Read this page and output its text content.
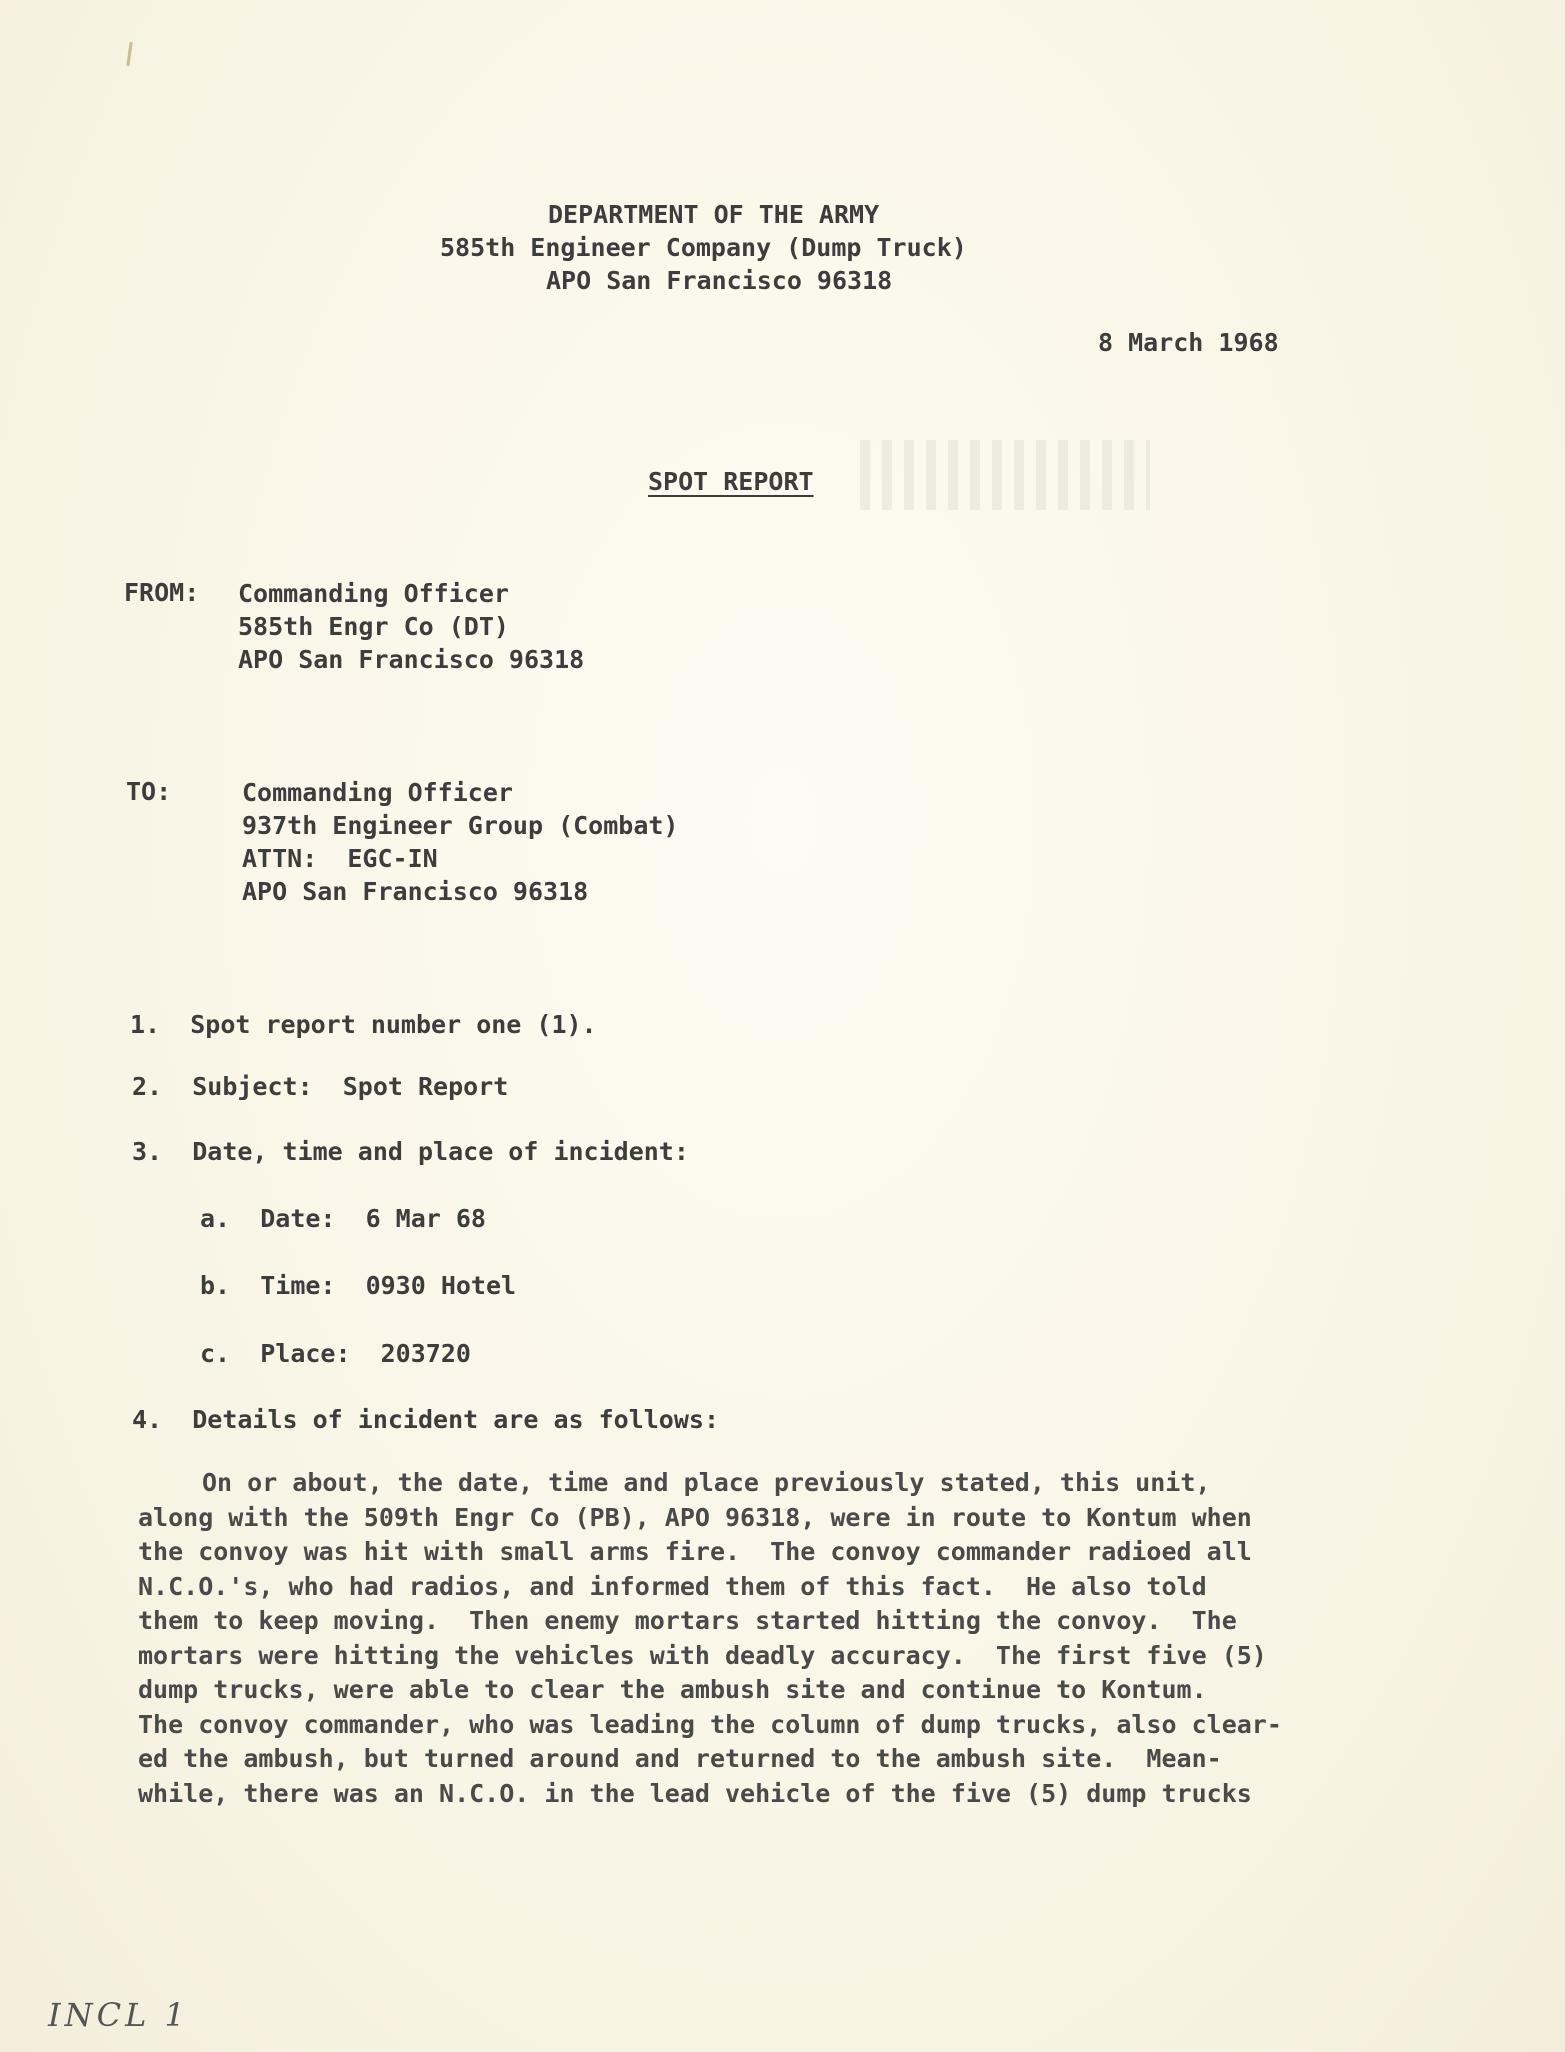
DEPARTMENT OF THE ARMY
585th Engineer Company (Dump Truck)
APO San Francisco 96318
8 March 1968
SPOT REPORT
FROM: Commanding Officer
585th Engr Co (DT)
APO San Francisco 96318
TO:	Commanding Officer
937th Engineer Group (Combat)
ATTN:  EGC-IN
APO San Francisco 96318
1. Spot report number one (1).
2. Subject:  Spot Report
3. Date, time and place of incident:
a. Date:  6 Mar 68
b. Time:  0930 Hotel
c. Place:  203720
4. Details of incident are as follows:
On or about, the date, time and place previously stated, this unit,
along with the 509th Engr Co (PB), APO 96318, were in route to Kontum when
the convoy was hit with small arms fire.  The convoy commander radioed all
N.C.O.'s, who had radios, and informed them of this fact.  He also told
them to keep moving.  Then enemy mortars started hitting the convoy.  The
mortars were hitting the vehicles with deadly accuracy.  The first five (5)
dump trucks, were able to clear the ambush site and continue to Kontum.
The convoy commander, who was leading the column of dump trucks, also clear-
ed the ambush, but turned around and returned to the ambush site.  Mean-
while, there was an N.C.O. in the lead vehicle of the five (5) dump trucks
INCL 1
